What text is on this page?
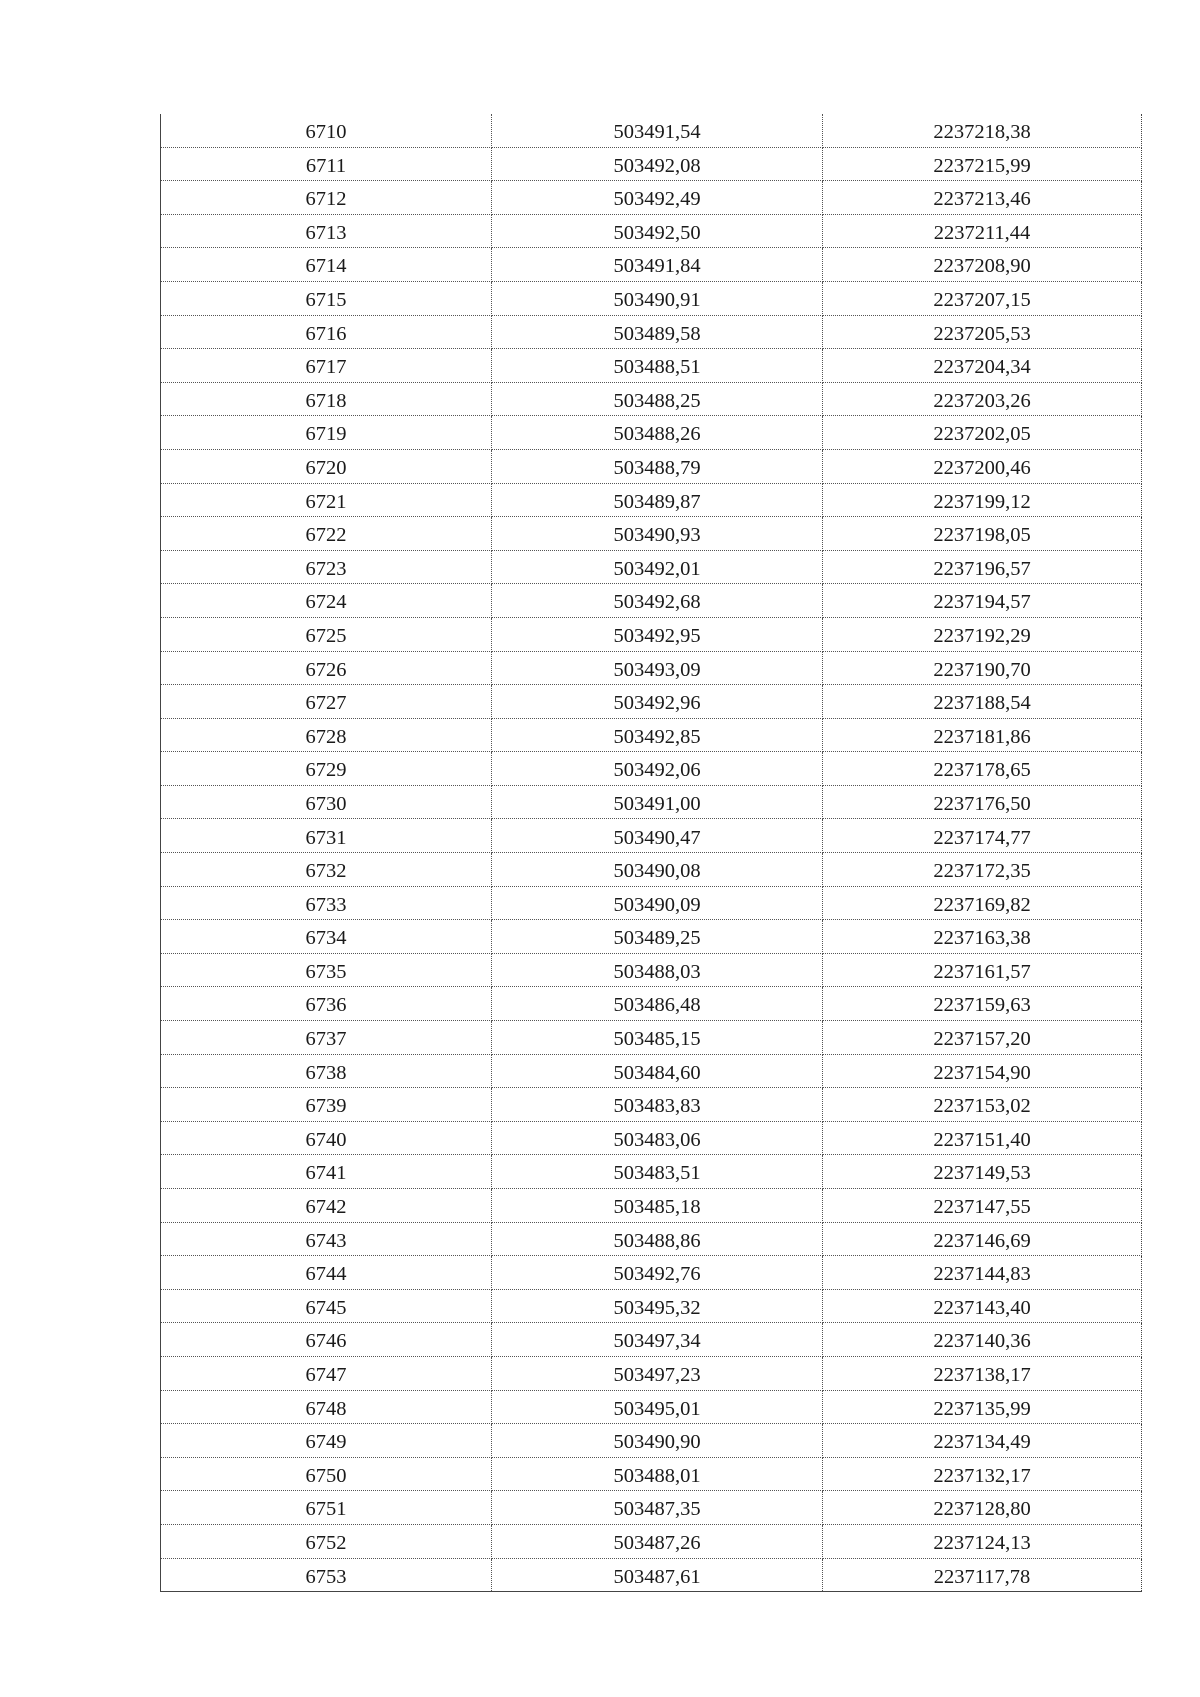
6710	503491,54	2237218,38
6711	503492,08	2237215,99
6712	503492,49	2237213,46
6713	503492,50	2237211,44
6714	503491,84	2237208,90
6715	503490,91	2237207,15
6716	503489,58	2237205,53
6717	503488,51	2237204,34
6718	503488,25	2237203,26
6719	503488,26	2237202,05
6720	503488,79	2237200,46
6721	503489,87	2237199,12
6722	503490,93	2237198,05
6723	503492,01	2237196,57
6724	503492,68	2237194,57
6725	503492,95	2237192,29
6726	503493,09	2237190,70
6727	503492,96	2237188,54
6728	503492,85	2237181,86
6729	503492,06	2237178,65
6730	503491,00	2237176,50
6731	503490,47	2237174,77
6732	503490,08	2237172,35
6733	503490,09	2237169,82
6734	503489,25	2237163,38
6735	503488,03	2237161,57
6736	503486,48	2237159,63
6737	503485,15	2237157,20
6738	503484,60	2237154,90
6739	503483,83	2237153,02
6740	503483,06	2237151,40
6741	503483,51	2237149,53
6742	503485,18	2237147,55
6743	503488,86	2237146,69
6744	503492,76	2237144,83
6745	503495,32	2237143,40
6746	503497,34	2237140,36
6747	503497,23	2237138,17
6748	503495,01	2237135,99
6749	503490,90	2237134,49
6750	503488,01	2237132,17
6751	503487,35	2237128,80
6752	503487,26	2237124,13
6753	503487,61	2237117,78
